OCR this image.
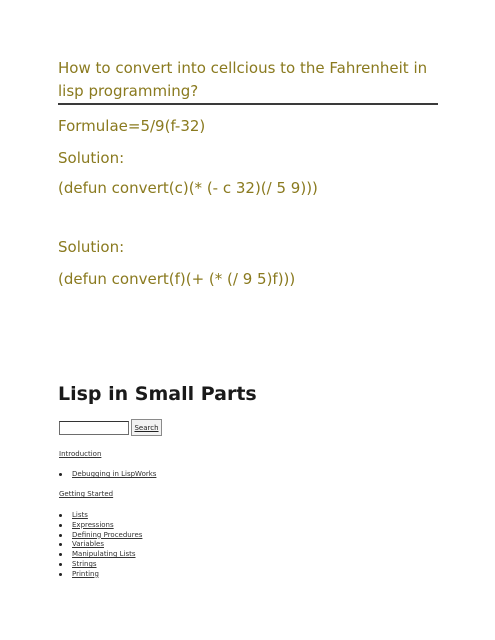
How to convert into cellcious to the Fahrenheit in lisp programming?
Formulae=5/9(f-32)
Solution:
(defun convert(c)(* (- c 32)(/ 5 9)))
Solution:
(defun convert(f)(+ (* (/ 9 5)f)))
Lisp in Small Parts
Search
Introduction
Debugging in LispWorks
Getting Started
Lists
Expressions
Defining Procedures
Variables
Manipulating Lists
Strings
Printing
